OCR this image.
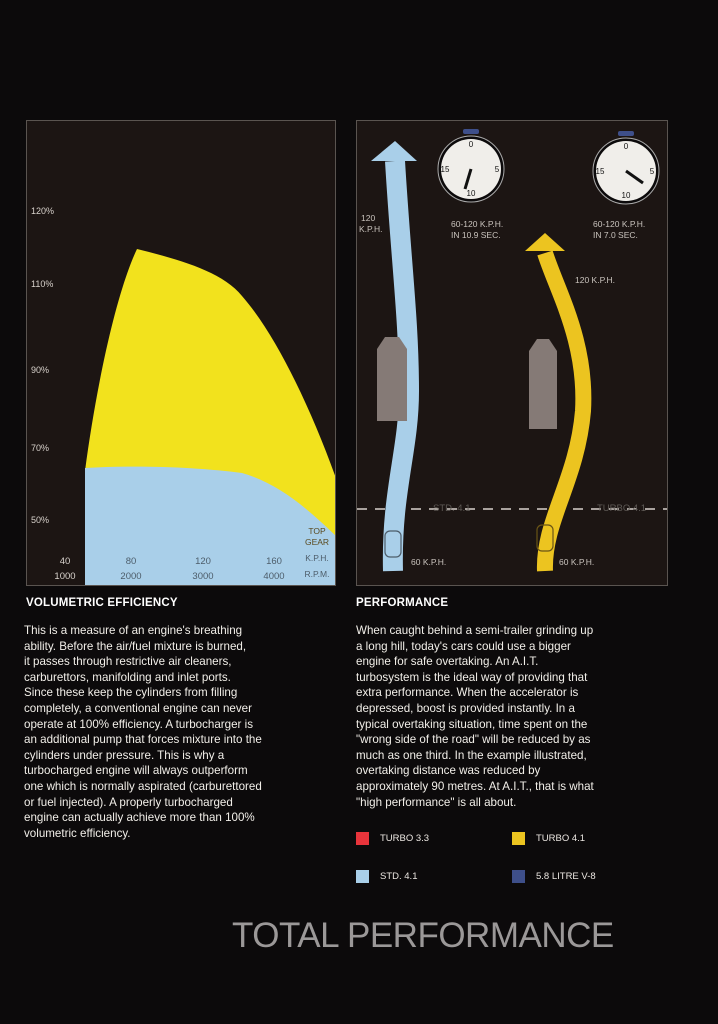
120%
110%
90%
70%
50%
40	80	120	160
1000	2000	3000	4000
TOP
GEAR
K.P.H.
R.P.M.
0
5
10
15
0
5
10
15
60-120 K.P.H.
IN 10.9 SEC.
60-120 K.P.H.
IN 7.0 SEC.
120
K.P.H.
120 K.P.H.
60 K.P.H.	60 K.P.H.
STD. 4.1	TURBO 4.1
VOLUMETRIC EFFICIENCY	PERFORMANCE

This is a measure of an engine's breathing

ability. Before the air/fuel mixture is burned,

it passes through restrictive air cleaners,

carburettors, manifolding and inlet ports.

Since these keep the cylinders from filling

completely, a conventional engine can never

operate at 100% efficiency. A turbocharger is

an additional pump that forces mixture into the

cylinders under pressure. This is why a

turbocharged engine will always outperform

one which is normally aspirated (carburettored

or fuel injected). A properly turbocharged

engine can actually achieve more than 100%

volumetric efficiency.

When caught behind a semi-trailer grinding up

a long hill, today's cars could use a bigger

engine for safe overtaking. An A.I.T.

turbosystem is the ideal way of providing that

extra performance. When the accelerator is

depressed, boost is provided instantly. In a

typical overtaking situation, time spent on the

"wrong side of the road" will be reduced by as

much as one third. In the example illustrated,

overtaking distance was reduced by

approximately 90 metres. At A.I.T., that is what

"high performance" is all about.

TURBO 3.3	TURBO 4.1
STD. 4.1	5.8 LITRE V-8
TOTAL PERFORMANCE
